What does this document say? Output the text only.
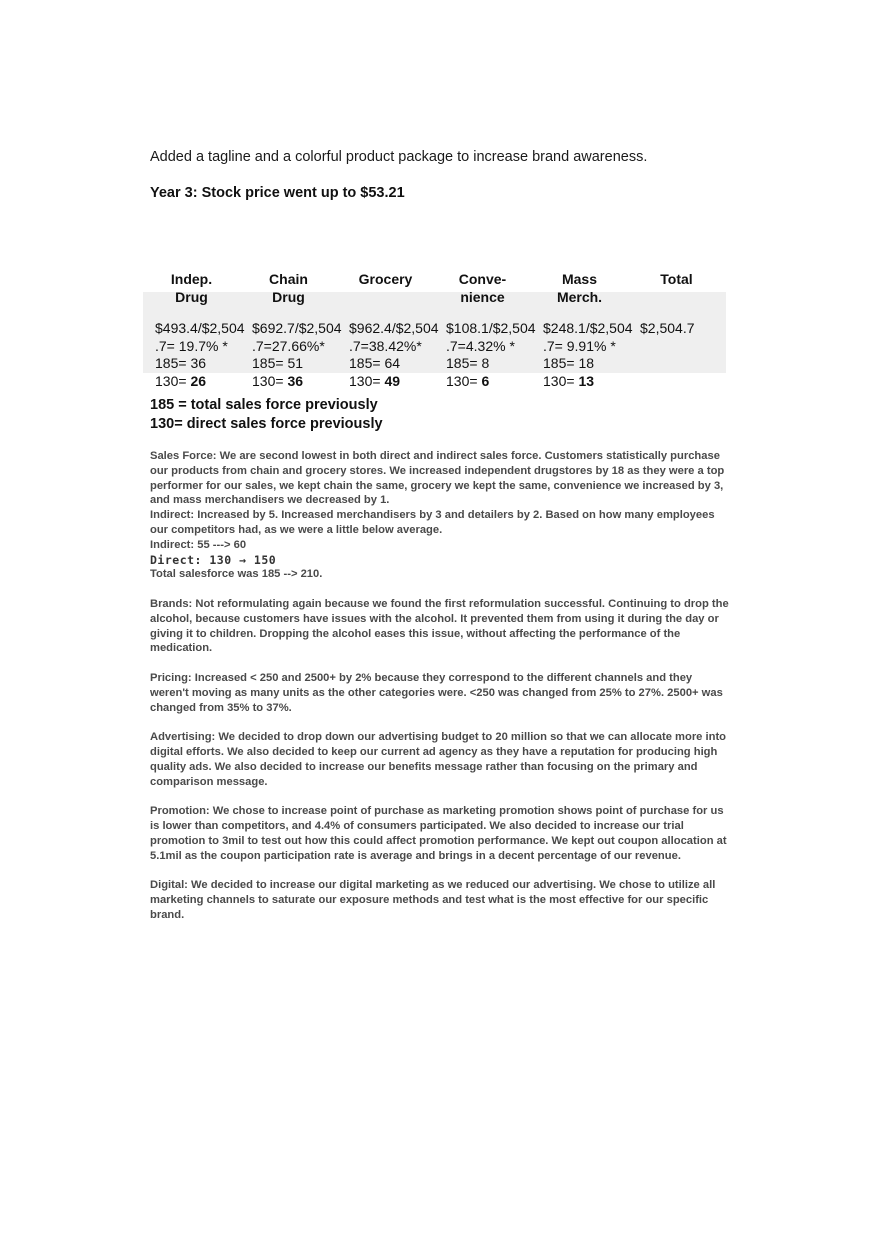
Added a tagline and a colorful product package to increase brand awareness.
Year 3: Stock price went up to $53.21
Indep.
Drug
$493.4/$2,504
.7= 19.7% *
185= 36
130= 26
Chain
Drug
$692.7/$2,504
.7=27.66%*
185= 51
130= 36
Grocery
$962.4/$2,504
.7=38.42%*
185= 64
130= 49
Conve-
nience
$108.1/$2,504
.7=4.32% *
185= 8
130= 6
Mass
Merch.
$248.1/$2,504
.7= 9.91% *
185= 18
130= 13
Total
$2,504.7
185 = total sales force previously
130= direct sales force previously

Sales Force: We are second lowest in both direct and indirect sales force. Customers statistically purchase our products from chain and grocery stores. We increased independent drugstores by 18 as they were a top performer for our sales, we kept chain the same, grocery we kept the same, convenience we increased by 3, and mass merchandisers we decreased by 1.

Indirect: Increased by 5. Increased merchandisers by 3 and detailers by 2. Based on how many employees our competitors had, as we were a little below average.

Indirect: 55 ---> 60

Direct: 130 → 150

Total salesforce was 185 --> 210.

Brands: Not reformulating again because we found the first reformulation successful. Continuing to drop the alcohol, because customers have issues with the alcohol. It prevented them from using it during the day or giving it to children. Dropping the alcohol eases this issue, without affecting the performance of the medication.

Pricing: Increased < 250 and 2500+ by 2% because they correspond to the different channels and they weren't moving as many units as the other categories were. <250 was changed from 25% to 27%. 2500+ was changed from 35% to 37%.

Advertising: We decided to drop down our advertising budget to 20 million so that we can allocate more into digital efforts. We also decided to keep our current ad agency as they have a reputation for producing high quality ads. We also decided to increase our benefits message rather than focusing on the primary and comparison message.

Promotion: We chose to increase point of purchase as marketing promotion shows point of purchase for us is lower than competitors, and 4.4% of consumers participated. We also decided to increase our trial promotion to 3mil to test out how this could affect promotion performance. We kept out coupon allocation at 5.1mil as the coupon participation rate is average and brings in a decent percentage of our revenue.

Digital: We decided to increase our digital marketing as we reduced our advertising. We chose to utilize all marketing channels to saturate our exposure methods and test what is the most effective for our specific brand.
